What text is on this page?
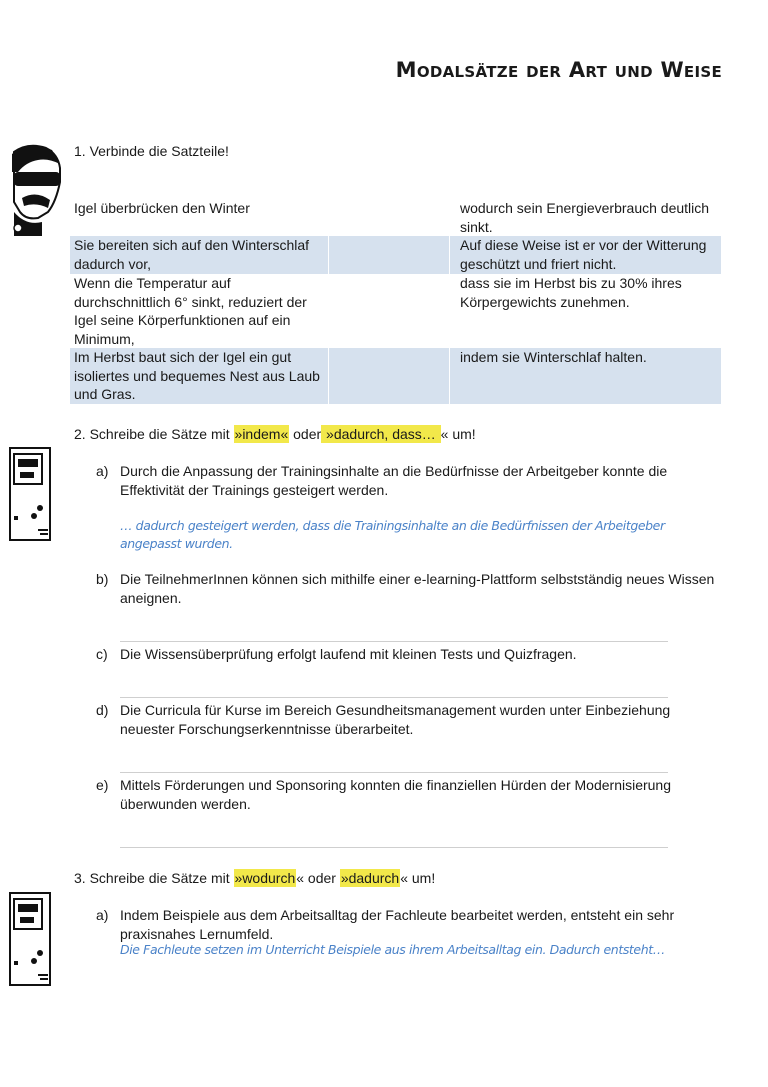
Modalsätze der Art und Weise
1. Verbinde die Satzteile!
Igel überbrücken den Winter	wodurch sein Energieverbrauch deutlich sinkt.
Sie bereiten sich auf den Winterschlaf dadurch vor,
Auf diese Weise ist er vor der Witterung geschützt und friert nicht.
Wenn die Temperatur auf durchschnittlich 6° sinkt, reduziert der Igel seine Körperfunktionen auf ein Minimum,
dass sie im Herbst bis zu 30% ihres Körpergewichts zunehmen.
Im Herbst baut sich der Igel ein gut isoliertes und bequemes Nest aus Laub und Gras.
indem sie Winterschlaf halten.
2. Schreibe die Sätze mit »indem« oder »dadurch, dass… « um!
a) Durch die Anpassung der Trainingsinhalte an die Bedürfnisse der Arbeitgeber konnte die Effektivität der Trainings gesteigert werden.
… dadurch gesteigert werden, dass die Trainingsinhalte an die Bedürfnissen der Arbeitgeber angepasst wurden.
b) Die TeilnehmerInnen können sich mithilfe einer e-learning-Plattform selbstständig neues Wissen aneignen.
c) Die Wissensüberprüfung erfolgt laufend mit kleinen Tests und Quizfragen.
d) Die Curricula für Kurse im Bereich Gesundheitsmanagement wurden unter Einbeziehung neuester Forschungserkenntnisse überarbeitet.
e) Mittels Förderungen und Sponsoring konnten die finanziellen Hürden der Modernisierung überwunden werden.
3. Schreibe die Sätze mit »wodurch« oder »dadurch« um!
a) Indem Beispiele aus dem Arbeitsalltag der Fachleute bearbeitet werden, entsteht ein sehr praxisnahes Lernumfeld.
Die Fachleute setzen im Unterricht Beispiele aus ihrem Arbeitsalltag ein. Dadurch entsteht…
